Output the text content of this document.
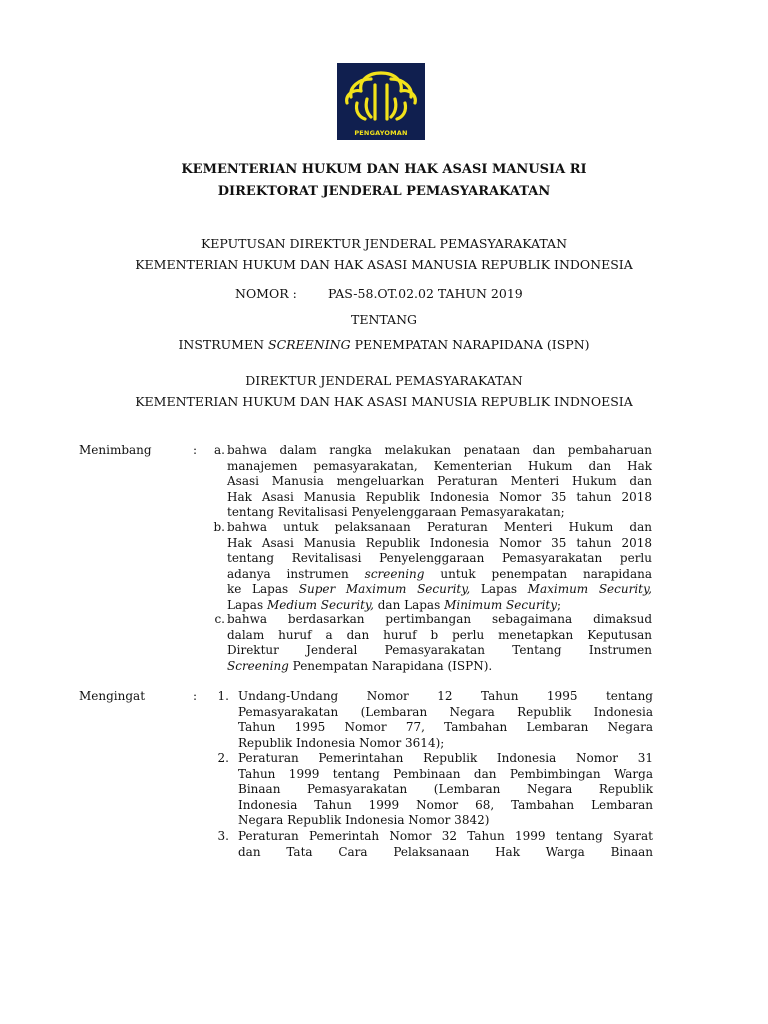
PENGAYOMAN
KEMENTERIAN HUKUM DAN HAK ASASI MANUSIA RI
DIREKTORAT JENDERAL PEMASYARAKATAN
KEPUTUSAN DIREKTUR JENDERAL PEMASYARAKATAN
KEMENTERIAN HUKUM DAN HAK ASASI MANUSIA REPUBLIK INDONESIA
NOMOR : PAS-58.OT.02.02 TAHUN 2019
TENTANG
INSTRUMEN SCREENING PENEMPATAN NARAPIDANA (ISPN)
DIREKTUR JENDERAL PEMASYARAKATAN
KEMENTERIAN HUKUM DAN HAK ASASI MANUSIA REPUBLIK INDNOESIA
Menimbang	:	a. bahwa dalam rangka melakukan penataan dan pembaharuan
manajemen pemasyarakatan, Kementerian Hukum dan Hak
Asasi Manusia mengeluarkan Peraturan Menteri Hukum dan
Hak Asasi Manusia Republik Indonesia Nomor 35 tahun 2018
tentang Revitalisasi Penyelenggaraan Pemasyarakatan;
b. bahwa untuk pelaksanaan Peraturan Menteri Hukum dan
Hak Asasi Manusia Republik Indonesia Nomor 35 tahun 2018
tentang Revitalisasi Penyelenggaraan Pemasyarakatan perlu
adanya instrumen screening untuk penempatan narapidana
ke Lapas Super Maximum Security, Lapas Maximum Security,
Lapas Medium Security, dan Lapas Minimum Security;
c. bahwa berdasarkan pertimbangan sebagaimana dimaksud
dalam huruf a dan huruf b perlu menetapkan Keputusan
Direktur Jenderal Pemasyarakatan Tentang Instrumen
Screening Penempatan Narapidana (ISPN).
Mengingat	:	1. Undang-Undang Nomor 12 Tahun 1995 tentang
Pemasyarakatan (Lembaran Negara Republik Indonesia
Tahun 1995 Nomor 77, Tambahan Lembaran Negara
Republik Indonesia Nomor 3614);
2. Peraturan Pemerintahan Republik Indonesia Nomor 31
Tahun 1999 tentang Pembinaan dan Pembimbingan Warga
Binaan Pemasyarakatan (Lembaran Negara Republik
Indonesia Tahun 1999 Nomor 68, Tambahan Lembaran
Negara Republik Indonesia Nomor 3842)
3. Peraturan Pemerintah Nomor 32 Tahun 1999 tentang Syarat
dan Tata Cara Pelaksanaan Hak Warga Binaan
